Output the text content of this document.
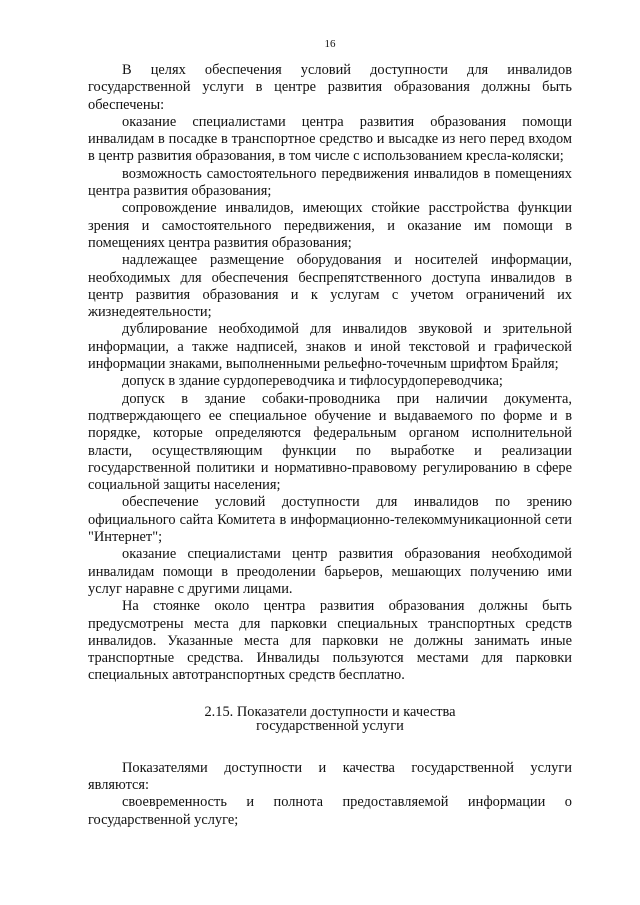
16

В целях обеспечения условий доступности для инвалидов государственной услуги в центре развития образования должны быть обеспечены:

оказание специалистами центра развития образования помощи инвалидам в посадке в транспортное средство и высадке из него перед входом в центр развития образования, в том числе с использованием кресла-коляски;

возможность самостоятельного передвижения инвалидов в помещениях центра развития образования;

сопровождение инвалидов, имеющих стойкие расстройства функции зрения и самостоятельного передвижения, и оказание им помощи в помещениях центра развития образования;

надлежащее размещение оборудования и носителей информации, необходимых для обеспечения беспрепятственного доступа инвалидов в центр развития образования и к услугам с учетом ограничений их жизнедеятельности;

дублирование необходимой для инвалидов звуковой и зрительной информации, а также надписей, знаков и иной текстовой и графической информации знаками, выполненными рельефно-точечным шрифтом Брайля;

допуск в здание сурдопереводчика и тифлосурдопереводчика;

допуск в здание собаки-проводника при наличии документа, подтверждающего ее специальное обучение и выдаваемого по форме и в порядке, которые определяются федеральным органом исполнительной власти, осуществляющим функции по выработке и реализации государственной политики и нормативно-правовому регулированию в сфере социальной защиты населения;

обеспечение условий доступности для инвалидов по зрению официального сайта Комитета в информационно-телекоммуникационной сети "Интернет";

оказание специалистами центр развития образования необходимой инвалидам помощи в преодолении барьеров, мешающих получению ими услуг наравне с другими лицами.

На стоянке около центра развития образования должны быть предусмотрены места для парковки специальных транспортных средств инвалидов. Указанные места для парковки не должны занимать иные транспортные средства. Инвалиды пользуются местами для парковки специальных автотранспортных средств бесплатно.

2.15. Показатели доступности и качества
государственной услуги

Показателями доступности и качества государственной услуги являются:

своевременность и полнота предоставляемой информации о государственной услуге;
